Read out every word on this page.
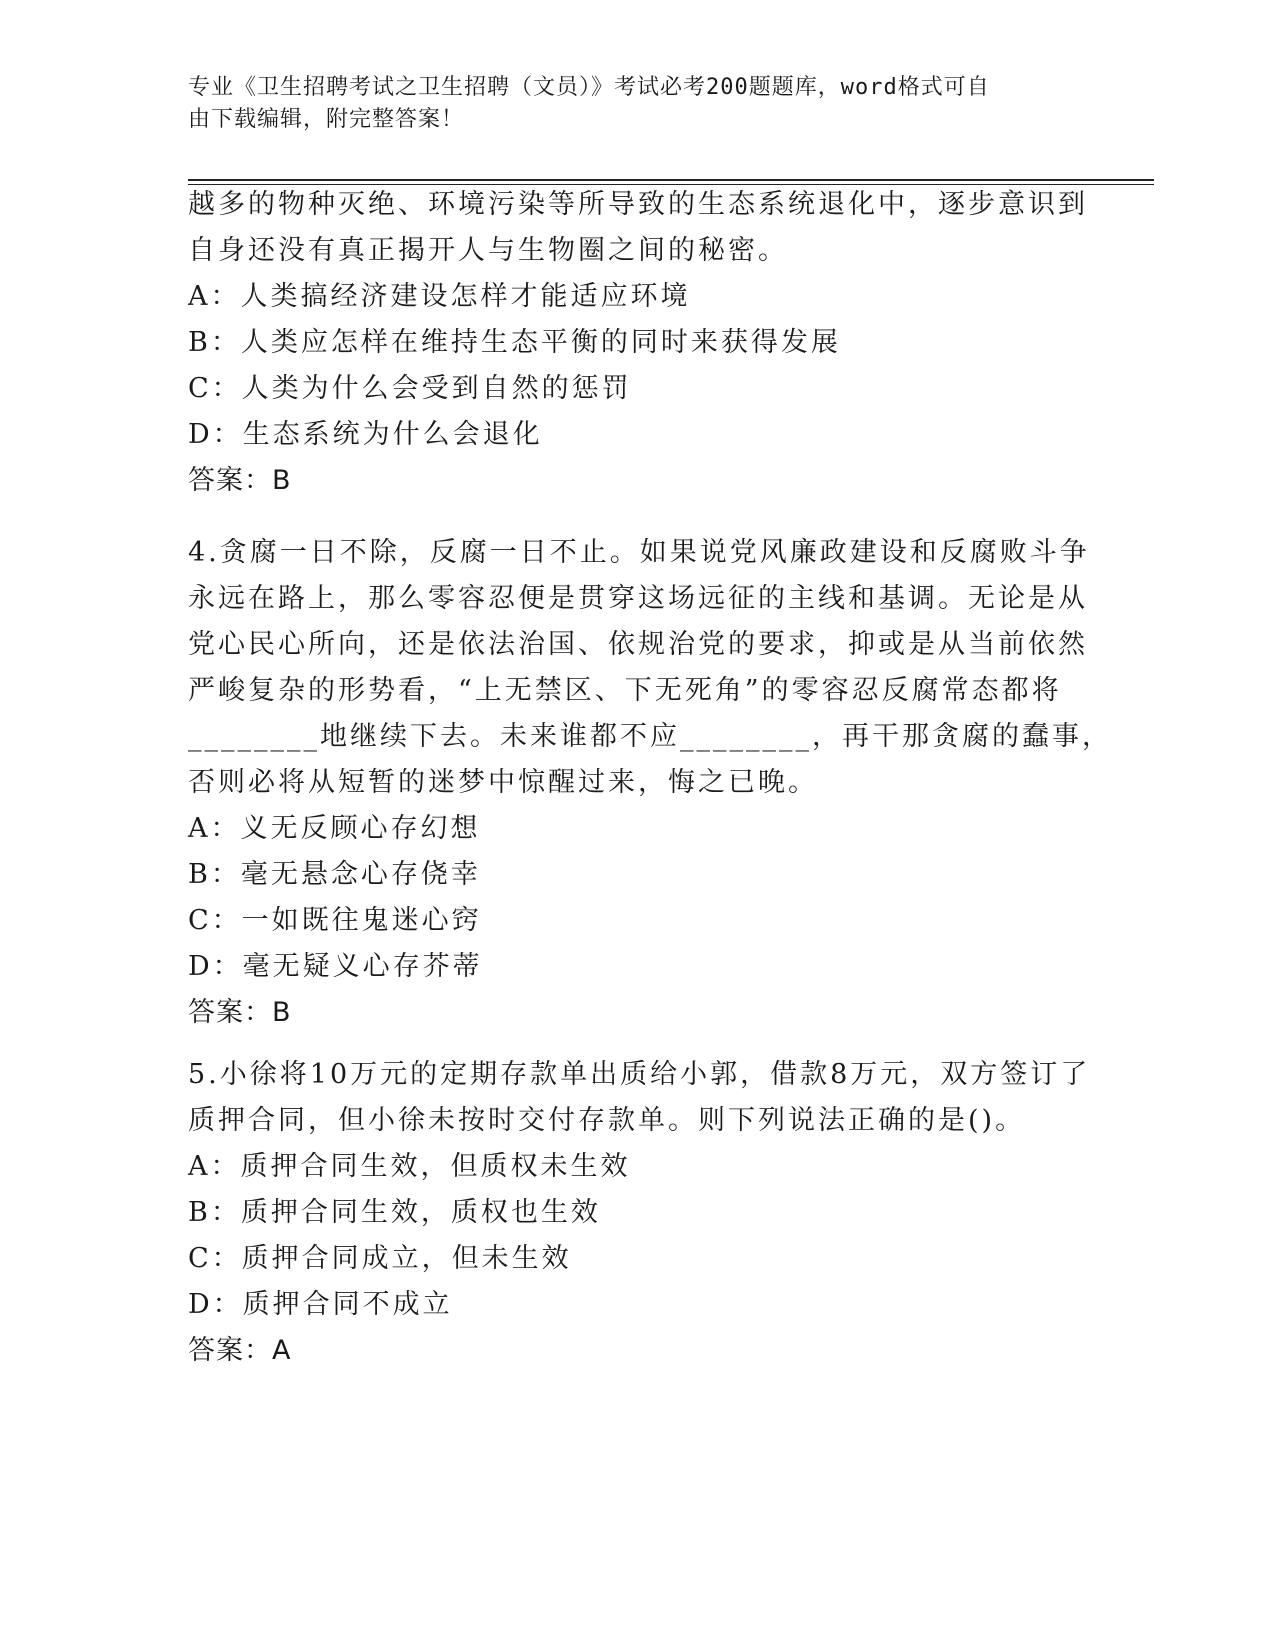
专业《卫生招聘考试之卫生招聘（文员）》考试必考200题题库，word格式可自
由下载编辑，附完整答案！
越多的物种灭绝、环境污染等所导致的生态系统退化中，逐步意识到
自身还没有真正揭开人与生物圈之间的秘密。
A：人类搞经济建设怎样才能适应环境
B：人类应怎样在维持生态平衡的同时来获得发展
C：人类为什么会受到自然的惩罚
D：生态系统为什么会退化
答案：B
4.贪腐一日不除，反腐一日不止。如果说党风廉政建设和反腐败斗争
永远在路上，那么零容忍便是贯穿这场远征的主线和基调。无论是从
党心民心所向，还是依法治国、依规治党的要求，抑或是从当前依然
严峻复杂的形势看，“上无禁区、下无死角”的零容忍反腐常态都将
________地继续下去。未来谁都不应________，再干那贪腐的蠢事，
否则必将从短暂的迷梦中惊醒过来，悔之已晚。
A：义无反顾心存幻想
B：毫无悬念心存侥幸
C：一如既往鬼迷心窍
D：毫无疑义心存芥蒂
答案：B
5.小徐将10万元的定期存款单出质给小郭，借款8万元，双方签订了
质押合同，但小徐未按时交付存款单。则下列说法正确的是()。
A：质押合同生效，但质权未生效
B：质押合同生效，质权也生效
C：质押合同成立，但未生效
D：质押合同不成立
答案：A
